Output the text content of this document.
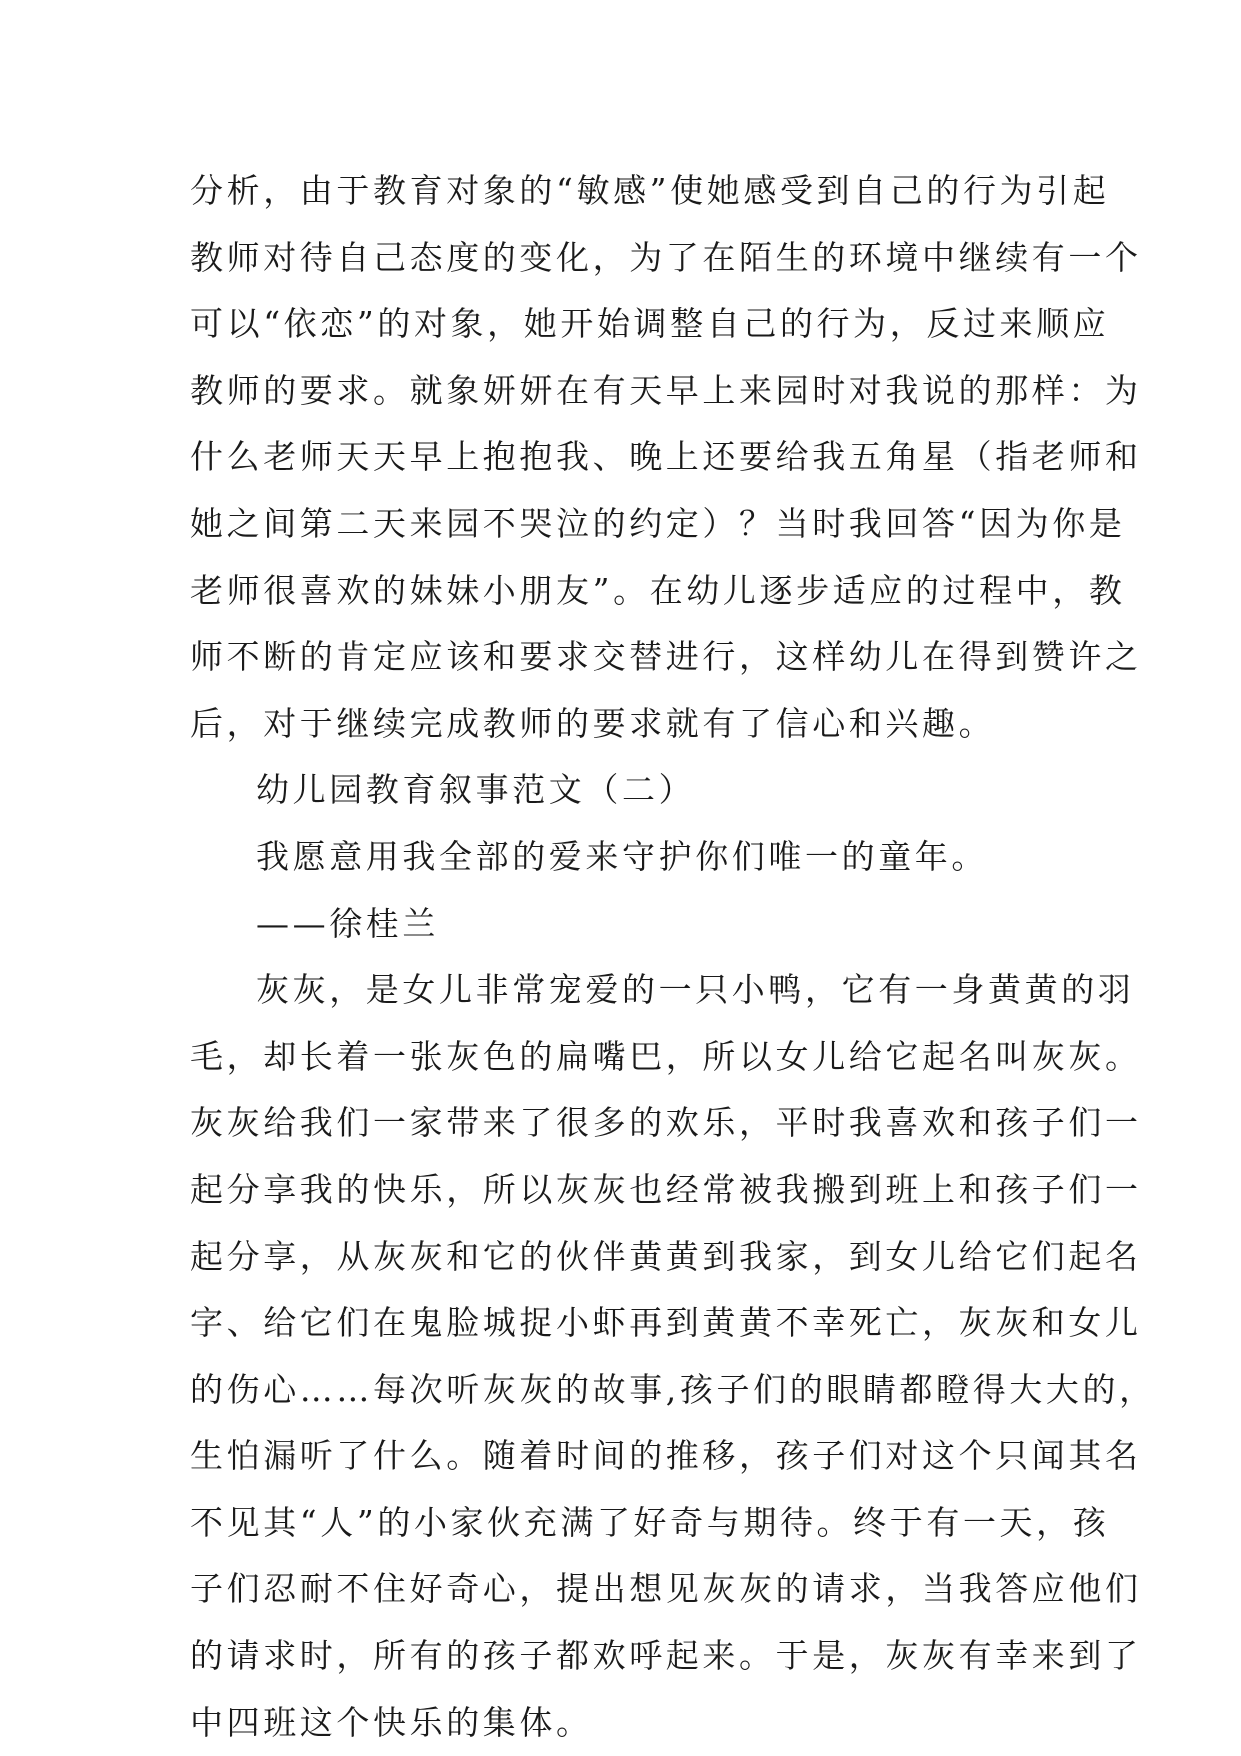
分析，由于教育对象的“敏感”使她感受到自己的行为引起
教师对待自己态度的变化，为了在陌生的环境中继续有一个
可以“依恋”的对象，她开始调整自己的行为，反过来顺应
教师的要求。就象妍妍在有天早上来园时对我说的那样：为
什么老师天天早上抱抱我、晚上还要给我五角星（指老师和
她之间第二天来园不哭泣的约定）？当时我回答“因为你是
老师很喜欢的妹妹小朋友”。在幼儿逐步适应的过程中，教
师不断的肯定应该和要求交替进行，这样幼儿在得到赞许之
后，对于继续完成教师的要求就有了信心和兴趣。
幼儿园教育叙事范文（二）
我愿意用我全部的爱来守护你们唯一的童年。
——徐桂兰
灰灰，是女儿非常宠爱的一只小鸭，它有一身黄黄的羽
毛，却长着一张灰色的扁嘴巴，所以女儿给它起名叫灰灰。
灰灰给我们一家带来了很多的欢乐，平时我喜欢和孩子们一
起分享我的快乐，所以灰灰也经常被我搬到班上和孩子们一
起分享，从灰灰和它的伙伴黄黄到我家，到女儿给它们起名
字、给它们在鬼脸城捉小虾再到黄黄不幸死亡，灰灰和女儿
的伤心……每次听灰灰的故事,孩子们的眼睛都瞪得大大的，
生怕漏听了什么。随着时间的推移，孩子们对这个只闻其名
不见其“人”的小家伙充满了好奇与期待。终于有一天，孩
子们忍耐不住好奇心，提出想见灰灰的请求，当我答应他们
的请求时，所有的孩子都欢呼起来。于是，灰灰有幸来到了
中四班这个快乐的集体。
